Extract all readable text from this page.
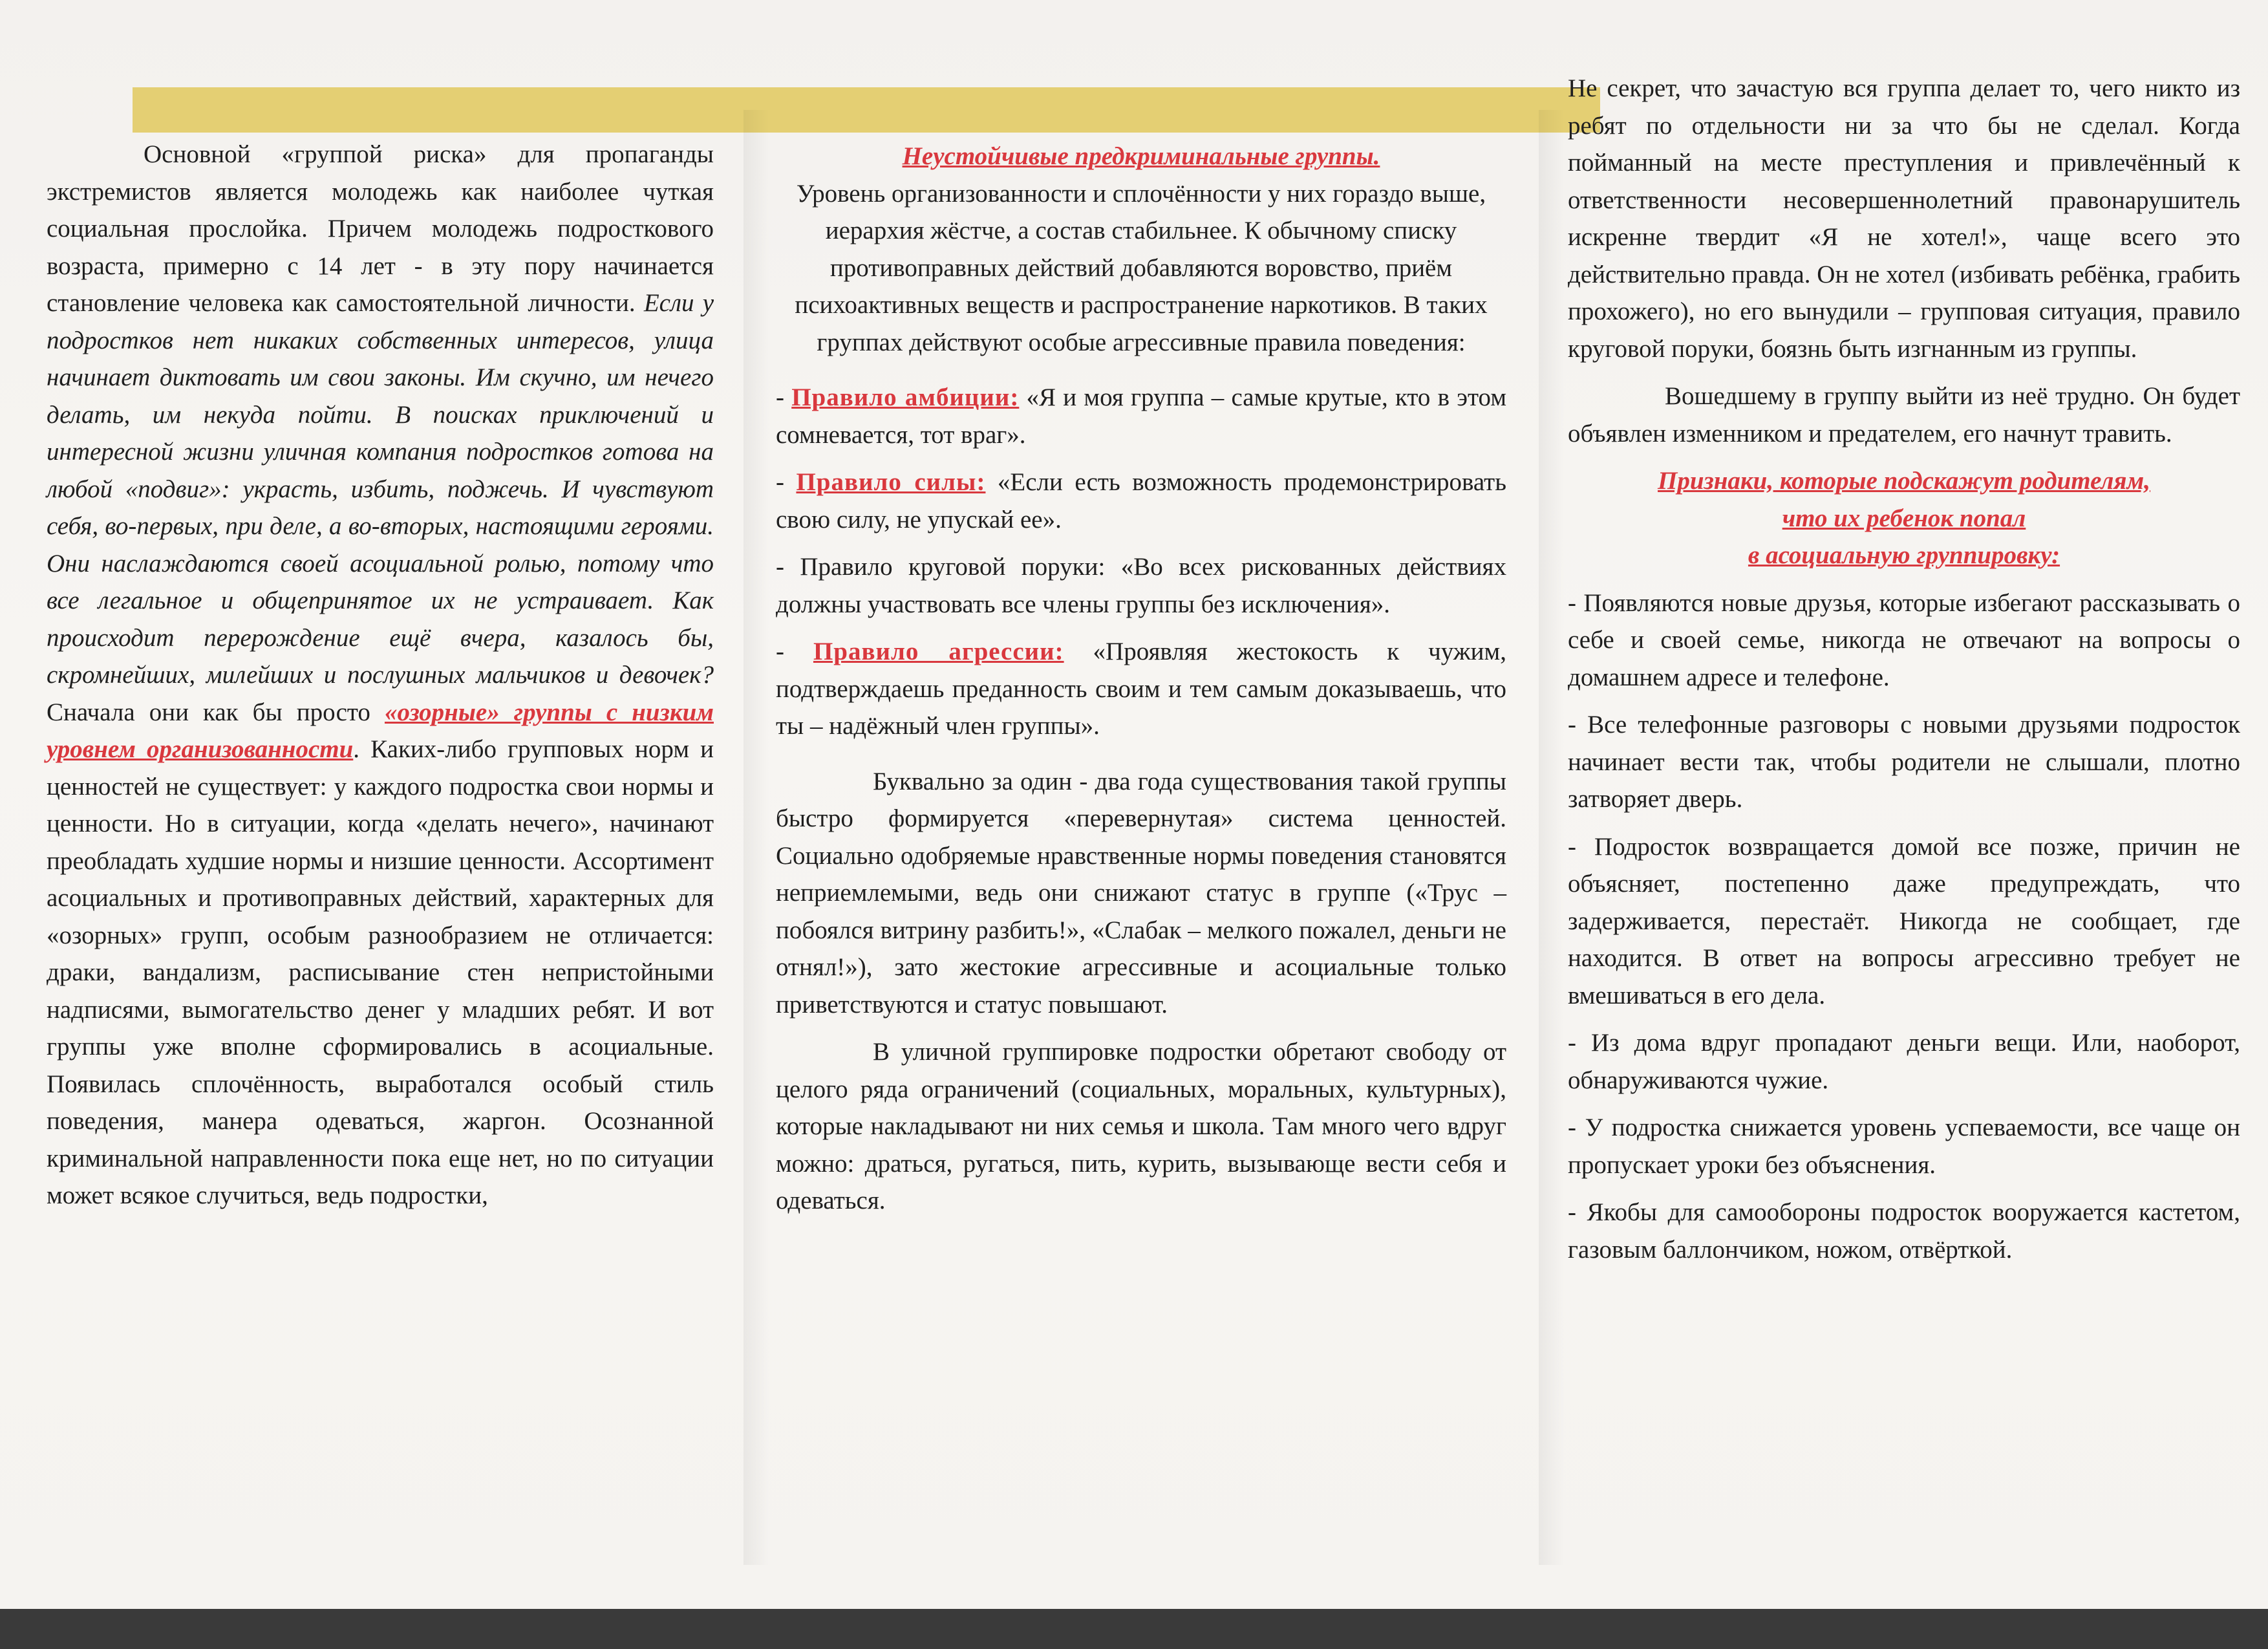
Основной «группой риска» для пропаганды экстремистов является молодежь как наиболее чуткая социальная прослойка. Причем молодежь подросткового возраста, примерно с 14 лет - в эту пору начинается становление человека как самостоятельной личности. Если у подростков нет никаких собственных интересов, улица начинает диктовать им свои законы. Им скучно, им нечего делать, им некуда пойти. В поисках приключений и интересной жизни уличная компания подростков готова на любой «подвиг»: украсть, избить, поджечь. И чувствуют себя, во-первых, при деле, а во-вторых, настоящими героями. Они наслаждаются своей асоциальной ролью, потому что все легальное и общепринятое их не устраивает. Как происходит перерождение ещё вчера, казалось бы, скромнейших, милейших и послушных мальчиков и девочек? Сначала они как бы просто «озорные» группы с низким уровнем организованности. Каких-либо групповых норм и ценностей не существует: у каждого подростка свои нормы и ценности. Но в ситуации, когда «делать нечего», начинают преобладать худшие нормы и низшие ценности. Ассортимент асоциальных и противоправных действий, характерных для «озорных» групп, особым разнообразием не отличается: драки, вандализм, расписывание стен непристойными надписями, вымогательство денег у младших ребят. И вот группы уже вполне сформировались в асоциальные. Появилась сплочённость, выработался особый стиль поведения, манера одеваться, жаргон. Осознанной криминальной направленности пока еще нет, но по ситуации может всякое случиться, ведь подростки,

Неустойчивые предкриминальные группы.

Уровень организованности и сплочённости у них гораздо выше, иерархия жёстче, а состав стабильнее. К обычному списку противоправных действий добавляются воровство, приём психоактивных веществ и распространение наркотиков. В таких группах действуют особые агрессивные правила поведения:

- Правило амбиции: «Я и моя группа – самые крутые, кто в этом сомневается, тот враг».

- Правило силы: «Если есть возможность продемонстрировать свою силу, не упускай ее».

- Правило круговой поруки: «Во всех рискованных действиях должны участвовать все члены группы без исключения».

- Правило агрессии: «Проявляя жестокость к чужим, подтверждаешь преданность своим и тем самым доказываешь, что ты – надёжный член группы».

Буквально за один - два года существования такой группы быстро формируется «перевернутая» система ценностей. Социально одобряемые нравственные нормы поведения становятся неприемлемыми, ведь они снижают статус в группе («Трус – побоялся витрину разбить!», «Слабак – мелкого пожалел, деньги не отнял!»), зато жестокие агрессивные и асоциальные только приветствуются и статус повышают.

В уличной группировке подростки обретают свободу от целого ряда ограничений (социальных, моральных, культурных), которые накладывают ни них семья и школа. Там много чего вдруг можно: драться, ругаться, пить, курить, вызывающе вести себя и одеваться.

Не секрет, что зачастую вся группа делает то, чего никто из ребят по отдельности ни за что бы не сделал. Когда пойманный на месте преступления и привлечённый к ответственности несовершеннолетний правонарушитель искренне твердит «Я не хотел!», чаще всего это действительно правда. Он не хотел (избивать ребёнка, грабить прохожего), но его вынудили – групповая ситуация, правило круговой поруки, боязнь быть изгнанным из группы.

Вошедшему в группу выйти из неё трудно. Он будет объявлен изменником и предателем, его начнут травить.

Признаки, которые подскажут родителям,

что их ребенок попал

в асоциальную группировку:

- Появляются новые друзья, которые избегают рассказывать о себе и своей семье, никогда не отвечают на вопросы о домашнем адресе и телефоне.

- Все телефонные разговоры с новыми друзьями подросток начинает вести так, чтобы родители не слышали, плотно затворяет дверь.

- Подросток возвращается домой все позже, причин не объясняет, постепенно даже предупреждать, что задерживается, перестаёт. Никогда не сообщает, где находится. В ответ на вопросы агрессивно требует не вмешиваться в его дела.

- Из дома вдруг пропадают деньги вещи. Или, наоборот, обнаруживаются чужие.

- У подростка снижается уровень успеваемости, все чаще он пропускает уроки без объяснения.

- Якобы для самообороны подросток вооружается кастетом, газовым баллончиком, ножом, отвёрткой.
